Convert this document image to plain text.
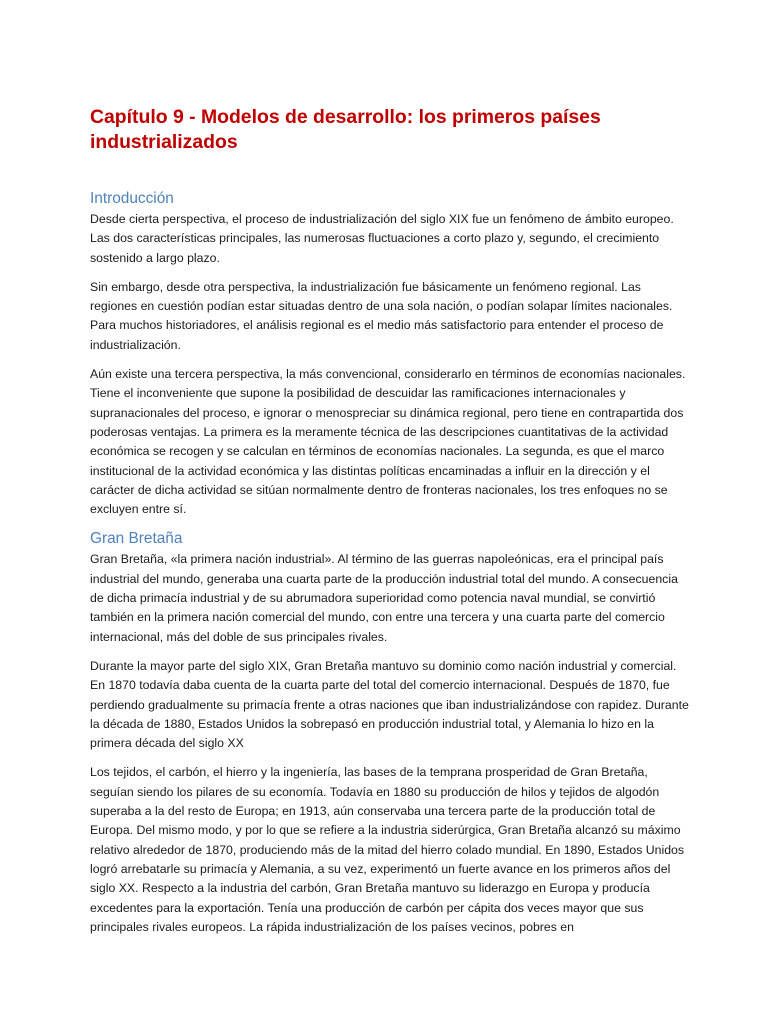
Capítulo 9 - Modelos de desarrollo: los primeros países industrializados
Introducción

Desde cierta perspectiva, el proceso de industrialización del siglo XIX fue un fenómeno de ámbito europeo. Las dos características principales, las numerosas fluctuaciones a corto plazo y, segundo, el crecimiento sostenido a largo plazo.

Sin embargo, desde otra perspectiva, la industrialización fue básicamente un fenómeno regional. Las regiones en cuestión podían estar situadas dentro de una sola nación, o podían solapar límites nacionales. Para muchos historiadores, el análisis regional es el medio más satisfactorio para entender el proceso de industrialización.

Aún existe una tercera perspectiva, la más convencional, considerarlo en términos de economías nacionales. Tiene el inconveniente que supone la posibilidad de descuidar las ramificaciones internacionales y supranacionales del proceso, e ignorar o menospreciar su dinámica regional, pero tiene en contrapartida dos poderosas ventajas. La primera es la meramente técnica de las descripciones cuantitativas de la actividad económica se recogen y se calculan en términos de economías nacionales. La segunda, es que el marco institucional de la actividad económica y las distintas políticas encaminadas a influir en la dirección y el carácter de dicha actividad se sitúan normalmente dentro de fronteras nacionales, los tres enfoques no se excluyen entre sí.

Gran Bretaña

Gran Bretaña, «la primera nación industrial». Al término de las guerras napoleónicas, era el principal país industrial del mundo, generaba una cuarta parte de la producción industrial total del mundo. A consecuencia de dicha primacía industrial y de su abrumadora superioridad como potencia naval mundial, se convirtió también en la primera nación comercial del mundo, con entre una tercera y una cuarta parte del comercio internacional, más del doble de sus principales rivales.

Durante la mayor parte del siglo XIX, Gran Bretaña mantuvo su dominio como nación industrial y comercial. En 1870 todavía daba cuenta de la cuarta parte del total del comercio internacional. Después de 1870, fue perdiendo gradualmente su primacía frente a otras naciones que iban industrializándose con rapidez. Durante la década de 1880, Estados Unidos la sobrepasó en producción industrial total, y Alemania lo hizo en la primera década del siglo XX

Los tejidos, el carbón, el hierro y la ingeniería, las bases de la temprana prosperidad de Gran Bretaña, seguían siendo los pilares de su economía. Todavía en 1880 su producción de hilos y tejidos de algodón superaba a la del resto de Europa; en 1913, aún conservaba una tercera parte de la producción total de Europa. Del mismo modo, y por lo que se refiere a la industria siderúrgica, Gran Bretaña alcanzó su máximo relativo alrededor de 1870, produciendo más de la mitad del hierro colado mundial. En 1890, Estados Unidos logró arrebatarle su primacía y Alemania, a su vez, experimentó un fuerte avance en los primeros años del siglo XX. Respecto a la industria del carbón, Gran Bretaña mantuvo su liderazgo en Europa y producía excedentes para la exportación. Tenía una producción de carbón per cápita dos veces mayor que sus principales rivales europeos. La rápida industrialización de los países vecinos, pobres en
